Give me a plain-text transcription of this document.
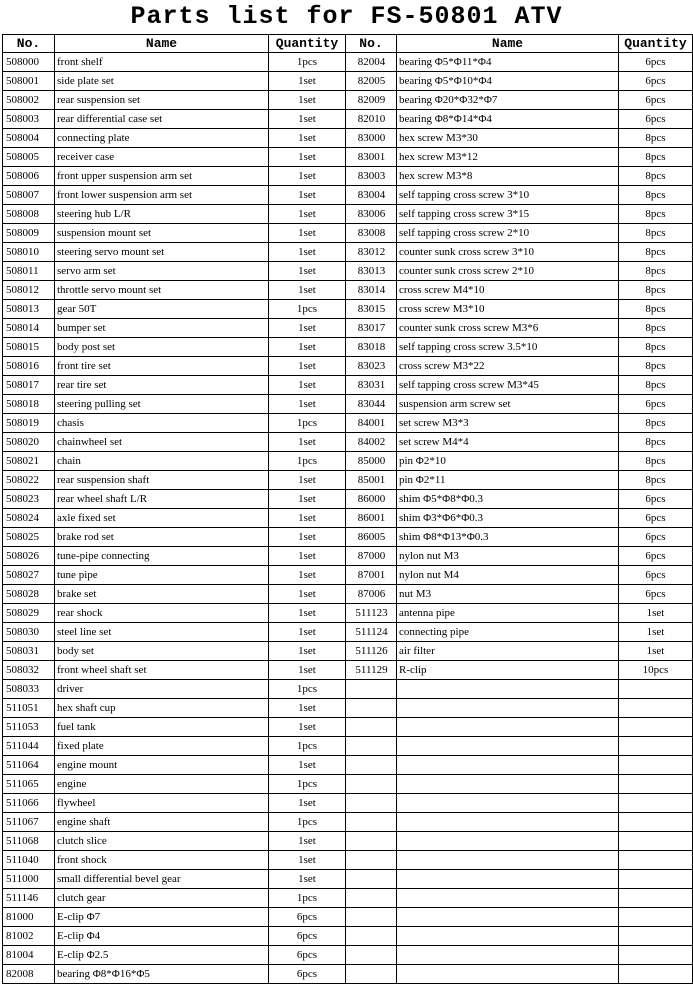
Parts list for FS-50801 ATV
No.	Name	Quantity	No.	Name	Quantity
508000	front shelf	1pcs	82004	bearing Φ5*Φ11*Φ4	6pcs
508001	side plate set	1set	82005	bearing Φ5*Φ10*Φ4	6pcs
508002	rear suspension set	1set	82009	bearing Φ20*Φ32*Φ7	6pcs
508003	rear differential case set	1set	82010	bearing Φ8*Φ14*Φ4	6pcs
508004	connecting plate	1set	83000	hex screw M3*30	8pcs
508005	receiver case	1set	83001	hex screw M3*12	8pcs
508006	front upper suspension arm set	1set	83003	hex screw M3*8	8pcs
508007	front lower suspension arm set	1set	83004	self tapping cross screw 3*10	8pcs
508008	steering hub L/R	1set	83006	self tapping cross screw 3*15	8pcs
508009	suspension mount set	1set	83008	self tapping cross screw 2*10	8pcs
508010	steering servo mount set	1set	83012	counter sunk cross screw 3*10	8pcs
508011	servo arm set	1set	83013	counter sunk cross screw 2*10	8pcs
508012	throttle servo mount set	1set	83014	cross screw M4*10	8pcs
508013	gear 50T	1pcs	83015	cross screw M3*10	8pcs
508014	bumper set	1set	83017	counter sunk cross screw M3*6	8pcs
508015	body post set	1set	83018	self tapping cross screw 3.5*10	8pcs
508016	front tire set	1set	83023	cross screw M3*22	8pcs
508017	rear tire set	1set	83031	self tapping cross screw M3*45	8pcs
508018	steering pulling set	1set	83044	suspension arm screw set	6pcs
508019	chasis	1pcs	84001	set screw M3*3	8pcs
508020	chainwheel set	1set	84002	set screw M4*4	8pcs
508021	chain	1pcs	85000	pin Φ2*10	8pcs
508022	rear suspension shaft	1set	85001	pin Φ2*11	8pcs
508023	rear wheel shaft L/R	1set	86000	shim Φ5*Φ8*Φ0.3	6pcs
508024	axle fixed set	1set	86001	shim Φ3*Φ6*Φ0.3	6pcs
508025	brake rod set	1set	86005	shim Φ8*Φ13*Φ0.3	6pcs
508026	tune-pipe connecting	1set	87000	nylon nut M3	6pcs
508027	tune pipe	1set	87001	nylon nut M4	6pcs
508028	brake set	1set	87006	nut M3	6pcs
508029	rear shock	1set	511123	antenna pipe	1set
508030	steel line set	1set	511124	connecting pipe	1set
508031	body set	1set	511126	air filter	1set
508032	front wheel shaft set	1set	511129	R-clip	10pcs
508033	driver	1pcs			
511051	hex shaft cup	1set			
511053	fuel tank	1set			
511044	fixed plate	1pcs			
511064	engine mount	1set			
511065	engine	1pcs			
511066	flywheel	1set			
511067	engine shaft	1pcs			
511068	clutch slice	1set			
511040	front shock	1set			
511000	small differential bevel gear	1set			
511146	clutch gear	1pcs			
81000	E-clip Φ7	6pcs			
81002	E-clip Φ4	6pcs			
81004	E-clip Φ2.5	6pcs			
82008	bearing Φ8*Φ16*Φ5	6pcs			
